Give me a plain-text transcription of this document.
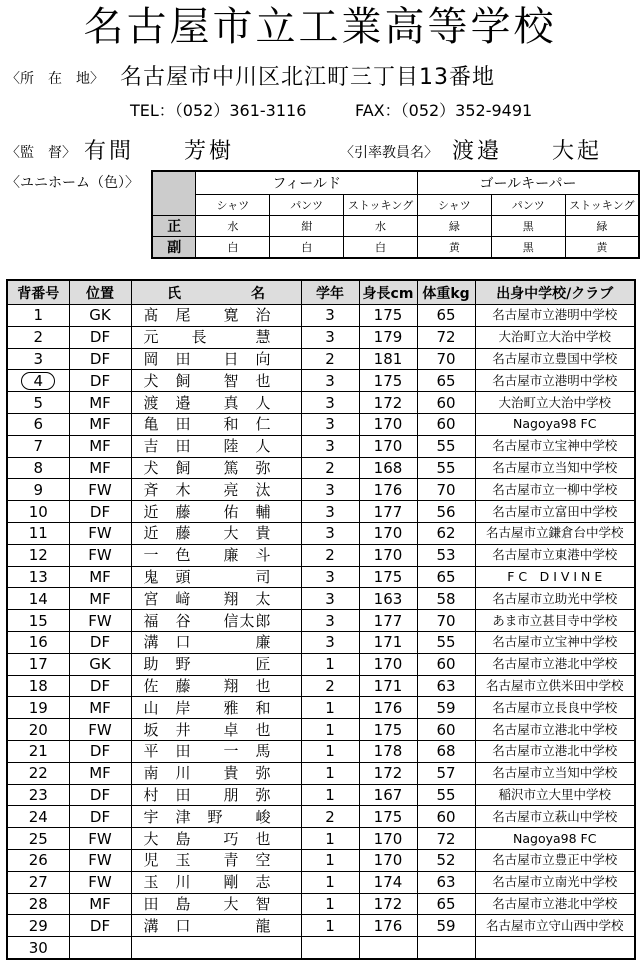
名古屋市立工業高等学校
〈所　在　地〉 名古屋市中川区北江町三丁目13番地
TEL：（052）361-3116	FAX：（052）352-9491
〈監　督〉 有間　　芳樹	〈引率教員名〉 渡邉　　大起
〈ユニホーム（色）〉
		フィールド			ゴールキーパー		
	シャツ	パンツ	ストッキング	シャツ	パンツ	ストッキング
正	水	紺	水	緑	黒	緑
副	白	白	白	黄	黒	黄
背番号	位置	氏　　　　　名	学年	身長cm	体重kg	出身中学校/クラブ
1	GK	髙　尾　　寛　治	3	175	65	名古屋市立港明中学校
2	DF	元　　長　　　慧	3	179	72	大治町立大治中学校
3	DF	岡　田　　日　向	2	181	70	名古屋市立豊国中学校
4	DF	犬　飼　　智　也	3	175	65	名古屋市立港明中学校
5	MF	渡　邉　　真　人	3	172	60	大治町立大治中学校
6	MF	亀　田　　和　仁	3	170	60	Nagoya98 FC
7	MF	吉　田　　陸　人	3	170	55	名古屋市立宝神中学校
8	MF	犬　飼　　篤　弥	2	168	55	名古屋市立当知中学校
9	FW	斉　木　　亮　汰	3	176	70	名古屋市立一柳中学校
10	DF	近　藤　　佑　輔	3	177	56	名古屋市立富田中学校
11	FW	近　藤　　大　貴	3	170	62	名古屋市立鎌倉台中学校
12	FW	一　色　　廉　斗	2	170	53	名古屋市立東港中学校
13	MF	鬼　頭　　　　司	3	175	65	F C　D I V I N E
14	MF	宮　﨑　　翔　太	3	163	58	名古屋市立助光中学校
15	FW	福　谷　　信太郎	3	177	70	あま市立甚目寺中学校
16	DF	溝　口　　　　廉	3	171	55	名古屋市立宝神中学校
17	GK	助　野　　　　匠	1	170	60	名古屋市立港北中学校
18	DF	佐　藤　　翔　也	2	171	63	名古屋市立供米田中学校
19	MF	山　岸　　雅　和	1	176	59	名古屋市立長良中学校
20	FW	坂　井　　卓　也	1	175	60	名古屋市立港北中学校
21	DF	平　田　　一　馬	1	178	68	名古屋市立港北中学校
22	MF	南　川　　貴　弥	1	172	57	名古屋市立当知中学校
23	DF	村　田　　朋　弥	1	167	55	稲沢市立大里中学校
24	DF	宇　津　野　　峻	2	175	60	名古屋市立萩山中学校
25	FW	大　島　　巧　也	1	170	72	Nagoya98 FC
26	FW	児　玉　　青　空	1	170	52	名古屋市立豊正中学校
27	FW	玉　川　　剛　志	1	174	63	名古屋市立南光中学校
28	MF	田　島　　大　智	1	172	65	名古屋市立港北中学校
29	DF	溝　口　　　　龍	1	176	59	名古屋市立守山西中学校
30						
